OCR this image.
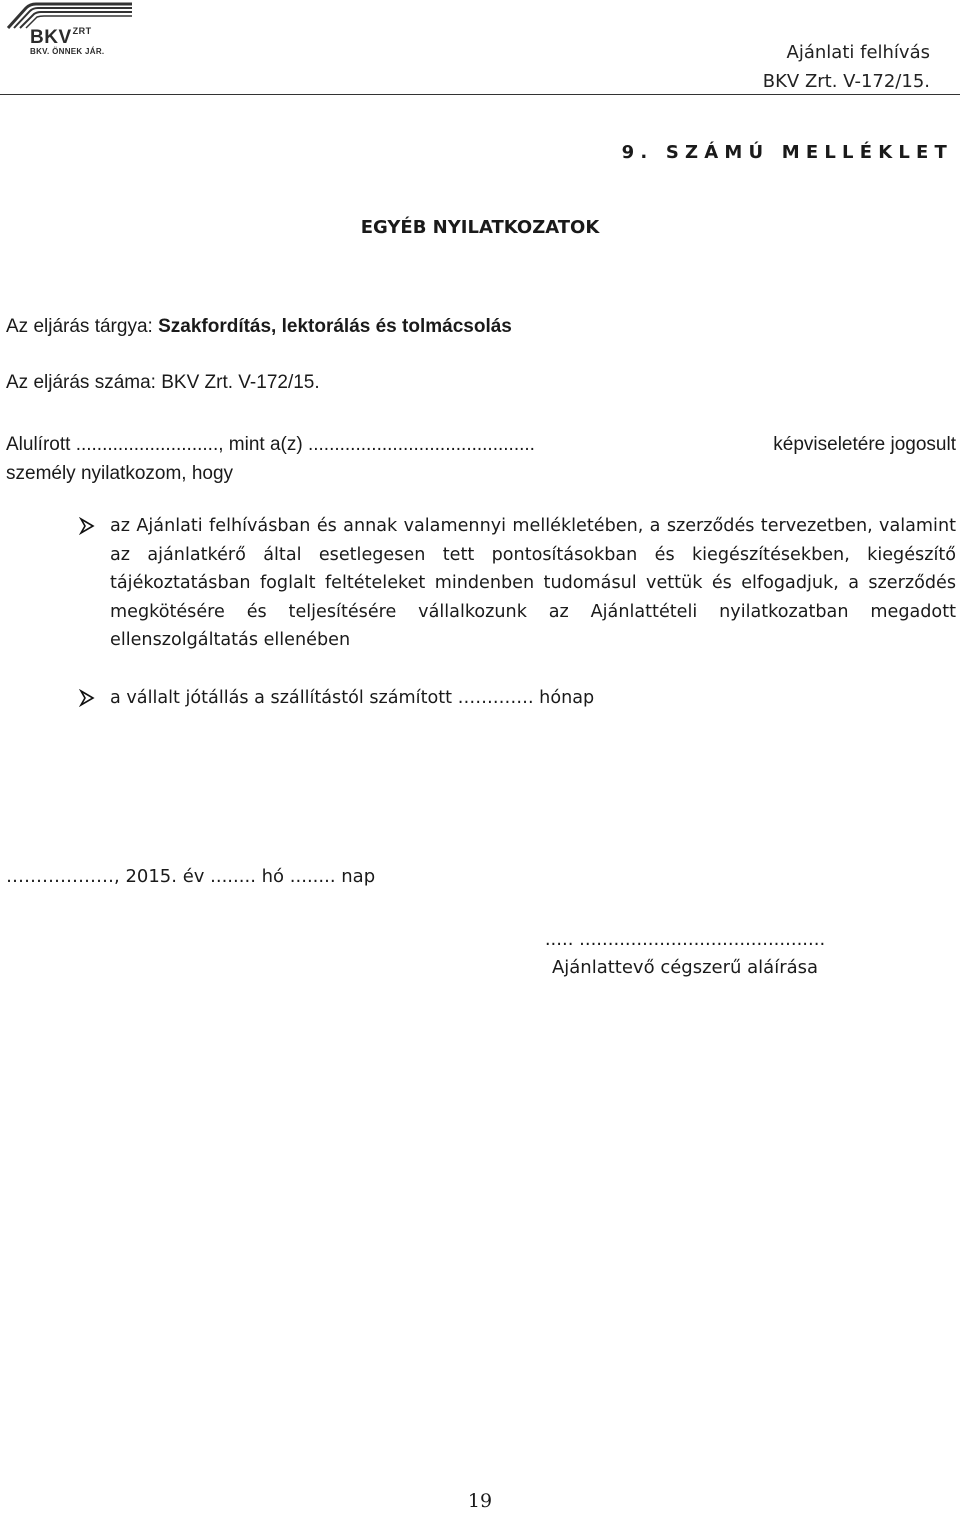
$BKV^{ZRT}$
BKV. ÖNNEK JÁR.	Ajánlati felhívás
BKV Zrt. V-172/15.
9. SZÁMÚ MELLÉKLET
EGYÉB NYILATKOZATOK
Az eljárás tárgya: Szakfordítás, lektorálás és tolmácsolás
Az eljárás száma: BKV Zrt. V-172/15.
Alulírott ..........................., mint a(z) ...........................................	képviseletére jogosult
személy nyilatkozom, hogy
az Ajánlati felhívásban és annak valamennyi mellékletében, a szerződés tervezetben, valamint az ajánlatkérő által esetlegesen tett pontosításokban és kiegészítésekben, kiegészítő tájékoztatásban foglalt feltételeket mindenben tudomásul vettük és elfogadjuk, a szerződés megkötésére és teljesítésére vállalkozunk az Ajánlattételi nyilatkozatban megadott ellenszolgáltatás ellenében
a vállalt jótállás a szállítástól számított …………. hónap
………………, 2015. év ........ hó ........ nap
..... ...........................................
Ajánlattevő cégszerű aláírása
19
